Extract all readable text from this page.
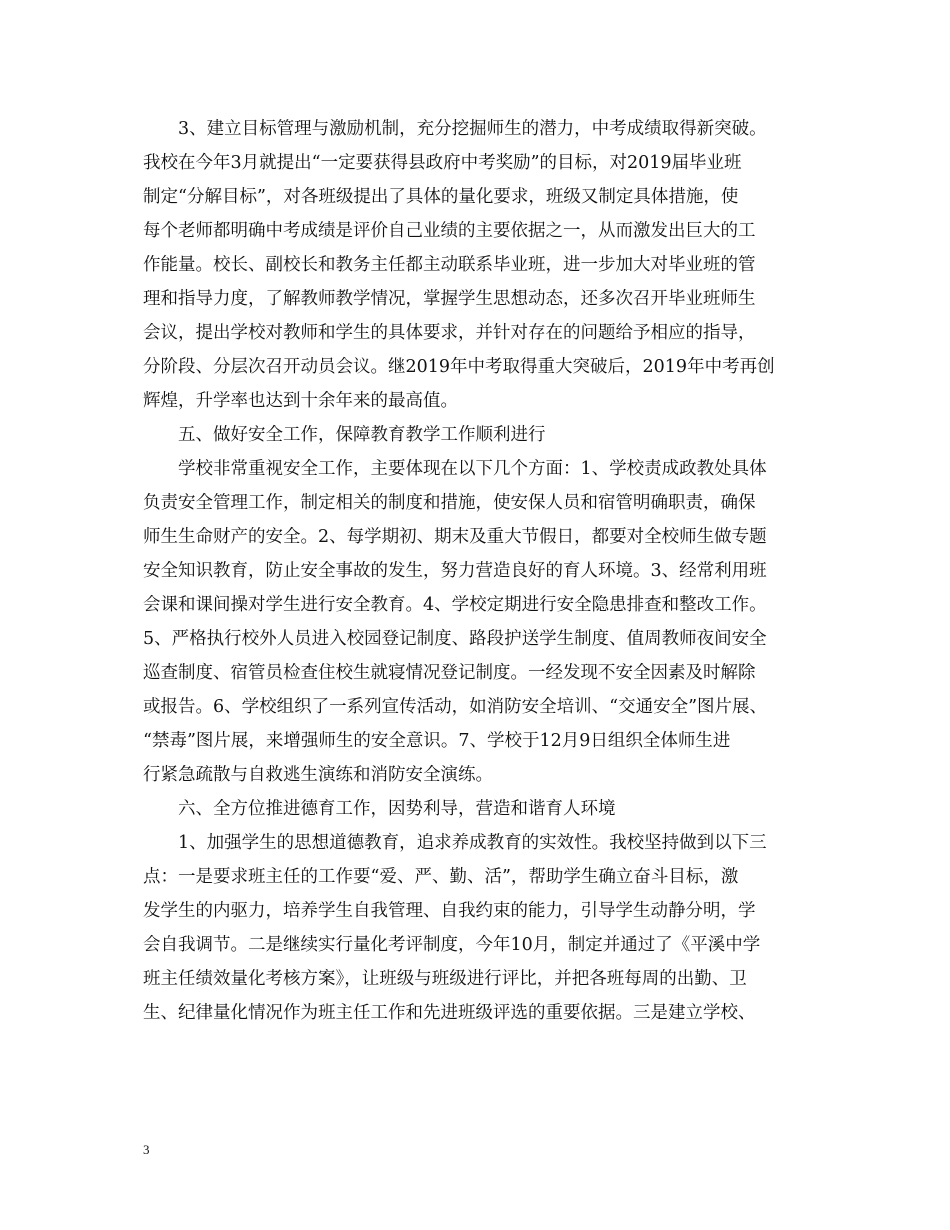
3、建立目标管理与激励机制，充分挖掘师生的潜力，中考成绩取得新突破。
我校在今年3月就提出“一定要获得县政府中考奖励”的目标，对2019届毕业班
制定“分解目标”，对各班级提出了具体的量化要求，班级又制定具体措施，使
每个老师都明确中考成绩是评价自己业绩的主要依据之一，从而激发出巨大的工
作能量。校长、副校长和教务主任都主动联系毕业班，进一步加大对毕业班的管
理和指导力度，了解教师教学情况，掌握学生思想动态，还多次召开毕业班师生
会议，提出学校对教师和学生的具体要求，并针对存在的问题给予相应的指导，
分阶段、分层次召开动员会议。继2019年中考取得重大突破后，2019年中考再创
辉煌，升学率也达到十余年来的最高值。
五、做好安全工作，保障教育教学工作顺利进行
学校非常重视安全工作，主要体现在以下几个方面：1、学校责成政教处具体
负责安全管理工作，制定相关的制度和措施，使安保人员和宿管明确职责，确保
师生生命财产的安全。2、每学期初、期末及重大节假日，都要对全校师生做专题
安全知识教育，防止安全事故的发生，努力营造良好的育人环境。3、经常利用班
会课和课间操对学生进行安全教育。4、学校定期进行安全隐患排查和整改工作。
5、严格执行校外人员进入校园登记制度、路段护送学生制度、值周教师夜间安全
巡查制度、宿管员检查住校生就寝情况登记制度。一经发现不安全因素及时解除
或报告。6、学校组织了一系列宣传活动，如消防安全培训、“交通安全”图片展、
“禁毒”图片展，来增强师生的安全意识。7、学校于12月9日组织全体师生进
行紧急疏散与自救逃生演练和消防安全演练。
六、全方位推进德育工作，因势利导，营造和谐育人环境
1、加强学生的思想道德教育，追求养成教育的实效性。我校坚持做到以下三
点：一是要求班主任的工作要“爱、严、勤、活”，帮助学生确立奋斗目标，激
发学生的内驱力，培养学生自我管理、自我约束的能力，引导学生动静分明，学
会自我调节。二是继续实行量化考评制度，今年10月，制定并通过了《平溪中学
班主任绩效量化考核方案》，让班级与班级进行评比，并把各班每周的出勤、卫
生、纪律量化情况作为班主任工作和先进班级评选的重要依据。三是建立学校、
3
